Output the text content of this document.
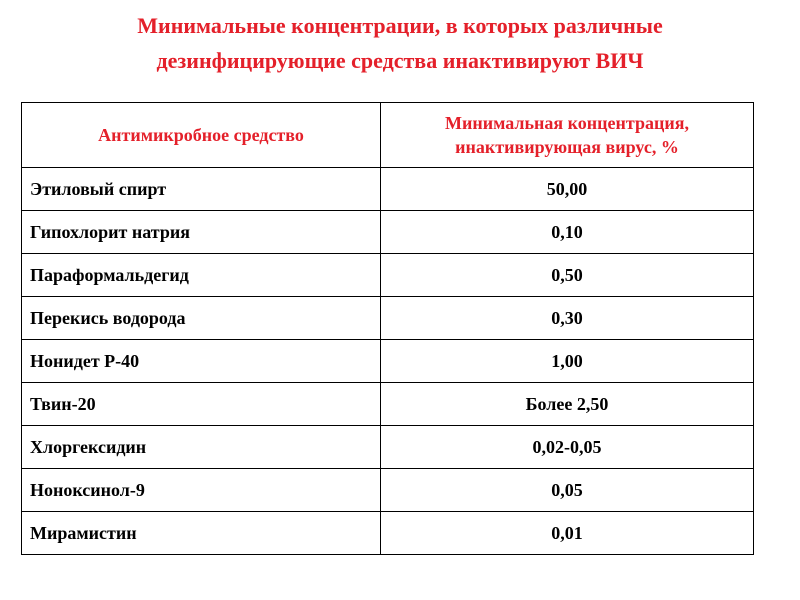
Минимальные концентрации, в которых различные
дезинфицирующие средства инактивируют ВИЧ
Антимикробное средство	Минимальная концентрация, инактивирующая вирус, %
Этиловый спирт	50,00
Гипохлорит натрия	0,10
Параформальдегид	0,50
Перекись водорода	0,30
Нонидет Р-40	1,00
Твин-20	Более 2,50
Хлоргексидин	0,02-0,05
Ноноксинол-9	0,05
Мирамистин	0,01
